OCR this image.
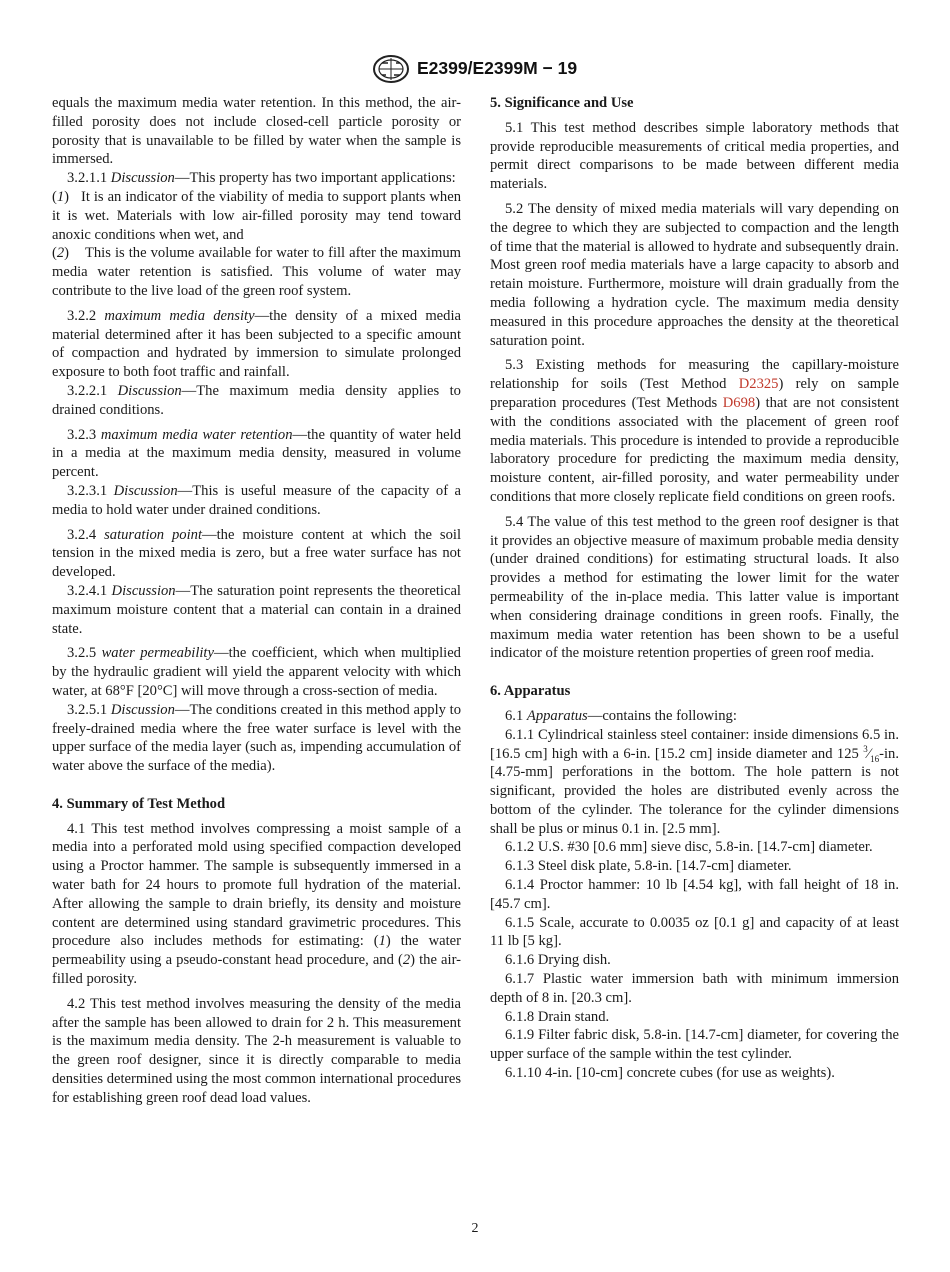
E2399/E2399M − 19

equals the maximum media water retention. In this method, the air-filled porosity does not include closed-cell particle porosity or porosity that is unavailable to be filled by water when the sample is immersed.

3.2.1.1 Discussion—This property has two important applications:

(1)   It is an indicator of the viability of media to support plants when it is wet. Materials with low air-filled porosity may tend toward anoxic conditions when wet, and

(2)    This is the volume available for water to fill after the maximum media water retention is satisfied. This volume of water may contribute to the live load of the green roof system.

3.2.2 maximum media density—the density of a mixed media material determined after it has been subjected to a specific amount of compaction and hydrated by immersion to simulate prolonged exposure to both foot traffic and rainfall.

3.2.2.1 Discussion—The maximum media density applies to drained conditions.

3.2.3 maximum media water retention—the quantity of water held in a media at the maximum media density, measured in volume percent.

3.2.3.1 Discussion—This is useful measure of the capacity of a media to hold water under drained conditions.

3.2.4 saturation point—the moisture content at which the soil tension in the mixed media is zero, but a free water surface has not developed.

3.2.4.1 Discussion—The saturation point represents the theoretical maximum moisture content that a material can contain in a drained state.

3.2.5 water permeability—the coefficient, which when multiplied by the hydraulic gradient will yield the apparent velocity with which water, at 68°F [20°C] will move through a cross-section of media.

3.2.5.1 Discussion—The conditions created in this method apply to freely-drained media where the free water surface is level with the upper surface of the media layer (such as, impending accumulation of water above the surface of the media).

4. Summary of Test Method

4.1 This test method involves compressing a moist sample of a media into a perforated mold using specified compaction developed using a Proctor hammer. The sample is subsequently immersed in a water bath for 24 hours to promote full hydration of the material. After allowing the sample to drain briefly, its density and moisture content are determined using standard gravimetric procedures. This procedure also includes methods for estimating: (1) the water permeability using a pseudo-constant head procedure, and (2) the air-filled porosity.

4.2 This test method involves measuring the density of the media after the sample has been allowed to drain for 2 h. This measurement is the maximum media density. The 2-h measurement is valuable to the green roof designer, since it is directly comparable to media densities determined using the most common international procedures for establishing green roof dead load values.

5. Significance and Use

5.1 This test method describes simple laboratory methods that provide reproducible measurements of critical media properties, and permit direct comparisons to be made between different media materials.

5.2 The density of mixed media materials will vary depending on the degree to which they are subjected to compaction and the length of time that the material is allowed to hydrate and subsequently drain. Most green roof media materials have a large capacity to absorb and retain moisture. Furthermore, moisture will drain gradually from the media following a hydration cycle. The maximum media density measured in this procedure approaches the density at the theoretical saturation point.

5.3 Existing methods for measuring the capillary-moisture relationship for soils (Test Method D2325) rely on sample preparation procedures (Test Methods D698) that are not consistent with the conditions associated with the placement of green roof media materials. This procedure is intended to provide a reproducible laboratory procedure for predicting the maximum media density, moisture content, air-filled porosity, and water permeability under conditions that more closely replicate field conditions on green roofs.

5.4 The value of this test method to the green roof designer is that it provides an objective measure of maximum probable media density (under drained conditions) for estimating structural loads. It also provides a method for estimating the lower limit for the water permeability of the in-place media. This latter value is important when considering drainage conditions in green roofs. Finally, the maximum media water retention has been shown to be a useful indicator of the moisture retention properties of green roof media.

6. Apparatus

6.1 Apparatus—contains the following:

6.1.1 Cylindrical stainless steel container: inside dimensions 6.5 in. [16.5 cm] high with a 6-in. [15.2 cm] inside diameter and 125 $^3⁄_{16}-in$. [4.75-mm] perforations in the bottom. The hole pattern is not significant, provided the holes are distributed evenly across the bottom of the cylinder. The tolerance for the cylinder dimensions shall be plus or minus 0.1 in. [2.5 mm].

6.1.2 U.S. #30 [0.6 mm] sieve disc, 5.8-in. [14.7-cm] diameter.

6.1.3 Steel disk plate, 5.8-in. [14.7-cm] diameter.

6.1.4 Proctor hammer: 10 lb [4.54 kg], with fall height of 18 in. [45.7 cm].

6.1.5 Scale, accurate to 0.0035 oz [0.1 g] and capacity of at least 11 lb [5 kg].

6.1.6 Drying dish.

6.1.7 Plastic water immersion bath with minimum immersion depth of 8 in. [20.3 cm].

6.1.8 Drain stand.

6.1.9 Filter fabric disk, 5.8-in. [14.7-cm] diameter, for covering the upper surface of the sample within the test cylinder.

6.1.10 4-in. [10-cm] concrete cubes (for use as weights).

2
